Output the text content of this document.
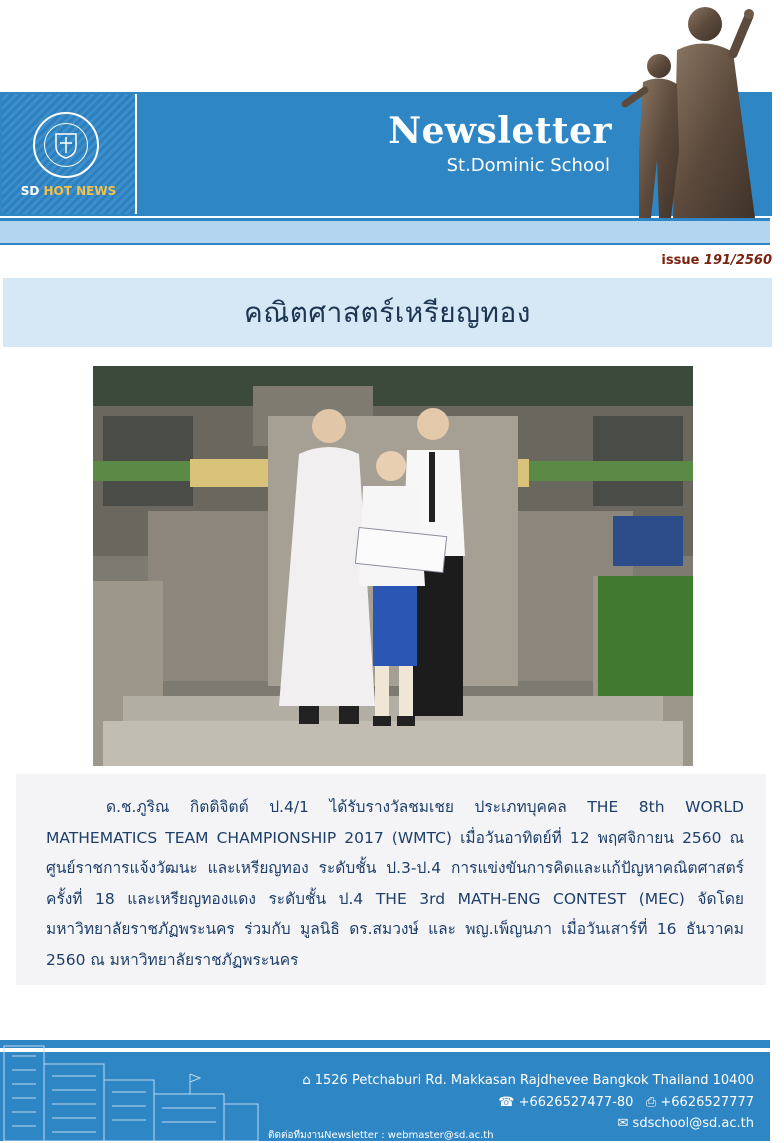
SD HOT NEWS
Newsletter
St.Dominic School
issue 191/2560
คณิตศาสตร์เหรียญทอง
ด.ช.ภูริณ กิตติจิตต์ ป.4/1 ได้รับรางวัลชมเชย ประเภทบุคคล THE 8th WORLD MATHEMATICS TEAM CHAMPIONSHIP 2017 (WMTC) เมื่อวันอาทิตย์ที่ 12 พฤศจิกายน 2560 ณ ศูนย์ราชการแจ้งวัฒนะ และเหรียญทอง ระดับชั้น ป.3-ป.4 การแข่งขันการคิดและแก้ปัญหาคณิตศาสตร์ ครั้งที่ 18 และเหรียญทองแดง ระดับชั้น ป.4 THE 3rd MATH-ENG CONTEST (MEC) จัดโดยมหาวิทยาลัยราชภัฏพระนคร ร่วมกับ มูลนิธิ ดร.สมวงษ์ และ พญ.เพ็ญนภา เมื่อวันเสาร์ที่ 16 ธันวาคม 2560 ณ มหาวิทยาลัยราชภัฏพระนคร
⌂ 1526 Petchaburi Rd. Makkasan Rajdhevee Bangkok Thailand 10400
☎ +6626527477-80 ⎙ +6626527777
✉ sdschool@sd.ac.th
ติดต่อทีมงานNewsletter : webmaster@sd.ac.th
